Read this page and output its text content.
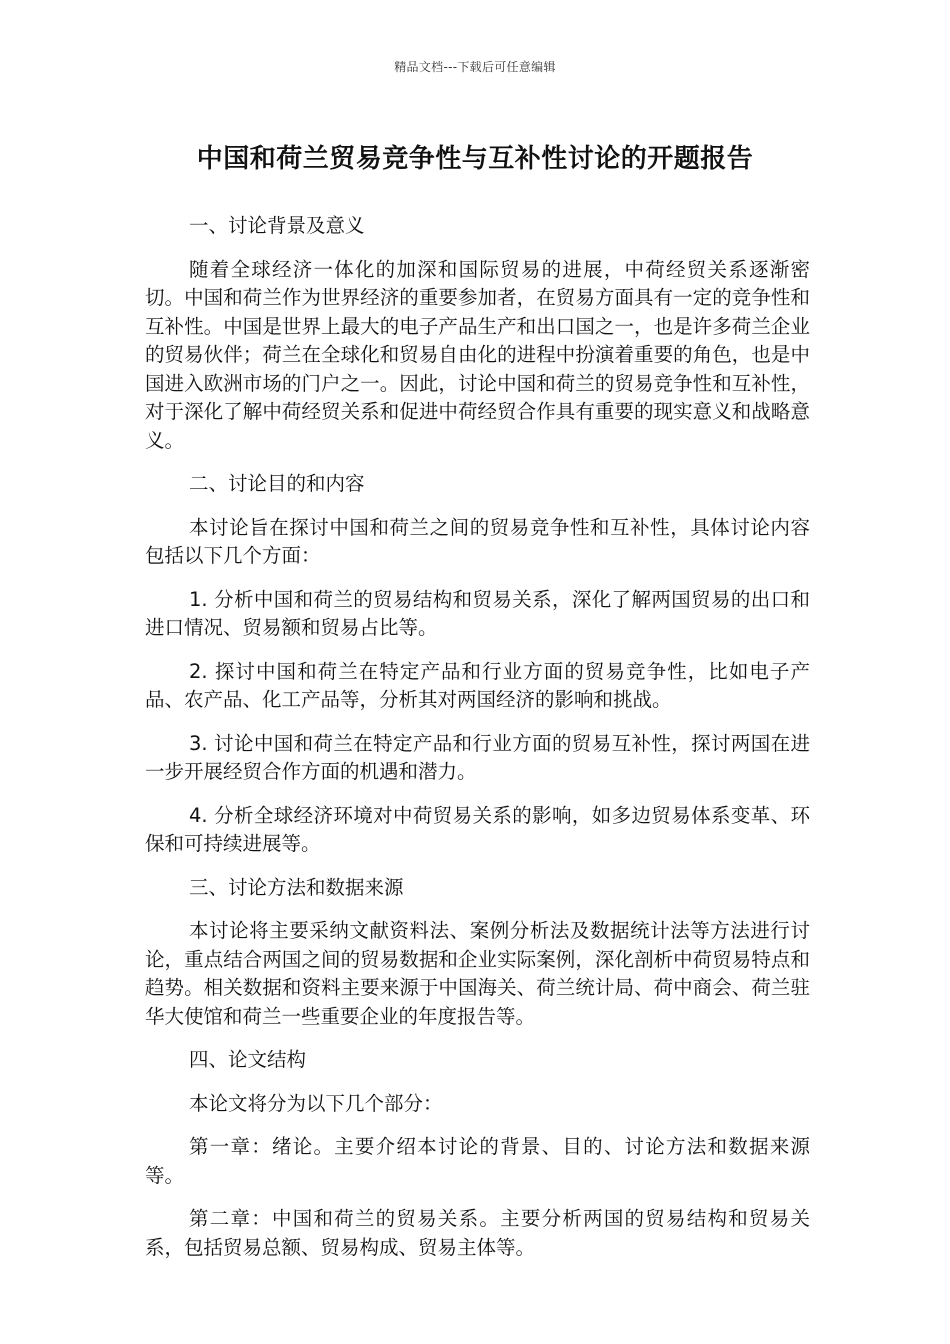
精品文档---下载后可任意编辑
中国和荷兰贸易竞争性与互补性讨论的开题报告

一、讨论背景及意义

随着全球经济一体化的加深和国际贸易的进展，中荷经贸关系逐渐密切。中国和荷兰作为世界经济的重要参加者，在贸易方面具有一定的竞争性和互补性。中国是世界上最大的电子产品生产和出口国之一，也是许多荷兰企业的贸易伙伴；荷兰在全球化和贸易自由化的进程中扮演着重要的角色，也是中国进入欧洲市场的门户之一。因此，讨论中国和荷兰的贸易竞争性和互补性，对于深化了解中荷经贸关系和促进中荷经贸合作具有重要的现实意义和战略意义。

二、讨论目的和内容

本讨论旨在探讨中国和荷兰之间的贸易竞争性和互补性，具体讨论内容包括以下几个方面：

1. 分析中国和荷兰的贸易结构和贸易关系，深化了解两国贸易的出口和进口情况、贸易额和贸易占比等。

2. 探讨中国和荷兰在特定产品和行业方面的贸易竞争性，比如电子产品、农产品、化工产品等，分析其对两国经济的影响和挑战。

3. 讨论中国和荷兰在特定产品和行业方面的贸易互补性，探讨两国在进一步开展经贸合作方面的机遇和潜力。

4. 分析全球经济环境对中荷贸易关系的影响，如多边贸易体系变革、环保和可持续进展等。

三、讨论方法和数据来源

本讨论将主要采纳文献资料法、案例分析法及数据统计法等方法进行讨论，重点结合两国之间的贸易数据和企业实际案例，深化剖析中荷贸易特点和趋势。相关数据和资料主要来源于中国海关、荷兰统计局、荷中商会、荷兰驻华大使馆和荷兰一些重要企业的年度报告等。

四、论文结构

本论文将分为以下几个部分：

第一章：绪论。主要介绍本讨论的背景、目的、讨论方法和数据来源等。

第二章：中国和荷兰的贸易关系。主要分析两国的贸易结构和贸易关系，包括贸易总额、贸易构成、贸易主体等。
